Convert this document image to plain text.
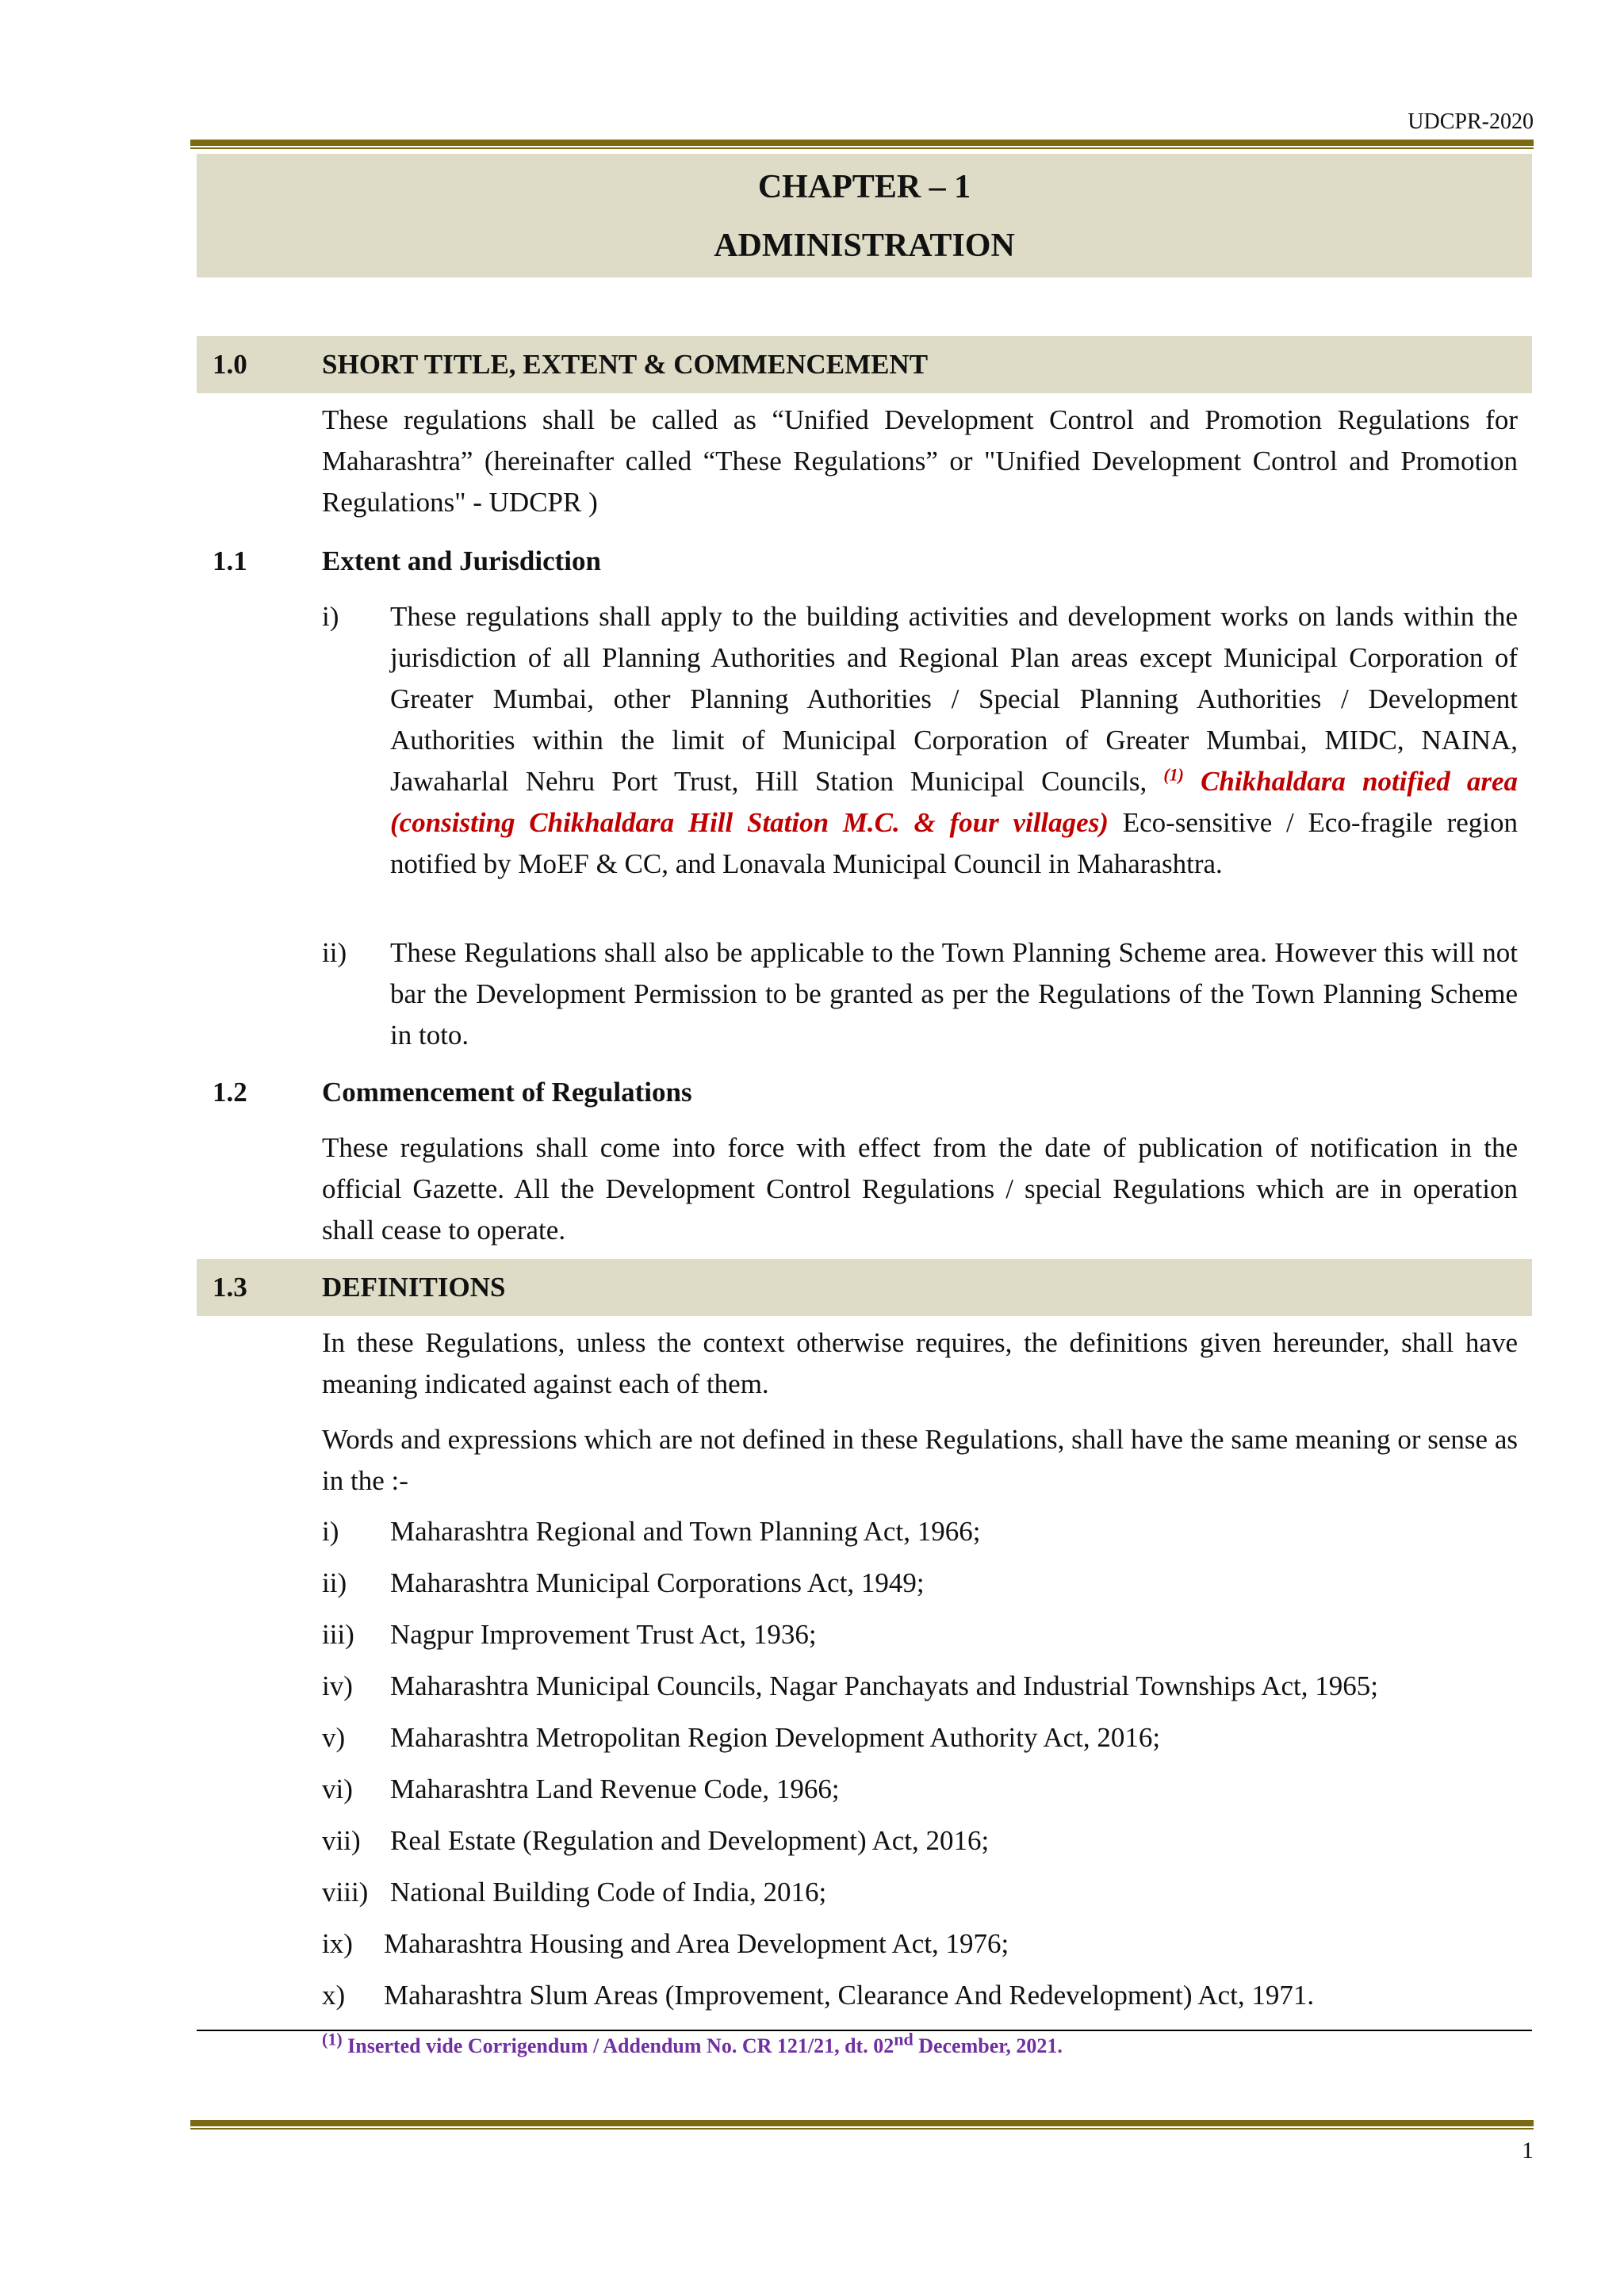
UDCPR-2020
CHAPTER – 1
ADMINISTRATION
1.0	SHORT TITLE, EXTENT & COMMENCEMENT
These regulations shall be called as “Unified Development Control and Promotion Regulations for Maharashtra” (hereinafter called “These Regulations” or "Unified Development Control and Promotion Regulations" - UDCPR )
1.1	Extent and Jurisdiction
i) These regulations shall apply to the building activities and development works on lands within the jurisdiction of all Planning Authorities and Regional Plan areas except Municipal Corporation of Greater Mumbai, other Planning Authorities / Special Planning Authorities / Development Authorities within the limit of Municipal Corporation of Greater Mumbai, MIDC, NAINA, Jawaharlal Nehru Port Trust, Hill Station Municipal Councils, $^{(1)}$ Chikhaldara notified area (consisting Chikhaldara Hill Station M.C. & four villages) Eco-sensitive / Eco-fragile region notified by MoEF & CC, and Lonavala Municipal Council in Maharashtra.
ii) These Regulations shall also be applicable to the Town Planning Scheme area. However this will not bar the Development Permission to be granted as per the Regulations of the Town Planning Scheme in toto.
1.2	Commencement of Regulations
These regulations shall come into force with effect from the date of publication of notification in the official Gazette. All the Development Control Regulations / special Regulations which are in operation shall cease to operate.
1.3	DEFINITIONS
In these Regulations, unless the context otherwise requires, the definitions given hereunder, shall have meaning indicated against each of them.
Words and expressions which are not defined in these Regulations, shall have the same meaning or sense as in the :-
i) Maharashtra Regional and Town Planning Act, 1966;
ii) Maharashtra Municipal Corporations Act, 1949;
iii) Nagpur Improvement Trust Act, 1936;
iv) Maharashtra Municipal Councils, Nagar Panchayats and Industrial Townships Act, 1965;
v) Maharashtra Metropolitan Region Development Authority Act, 2016;
vi) Maharashtra Land Revenue Code, 1966;
vii) Real Estate (Regulation and Development) Act, 2016;
viii) National Building Code of India, 2016;
ix) Maharashtra Housing and Area Development Act, 1976;
x) Maharashtra Slum Areas (Improvement, Clearance And Redevelopment) Act, 1971.
$^{(1)}$ Inserted vide Corrigendum / Addendum No. CR 121/21, dt. 02nd December, 2021.
1
